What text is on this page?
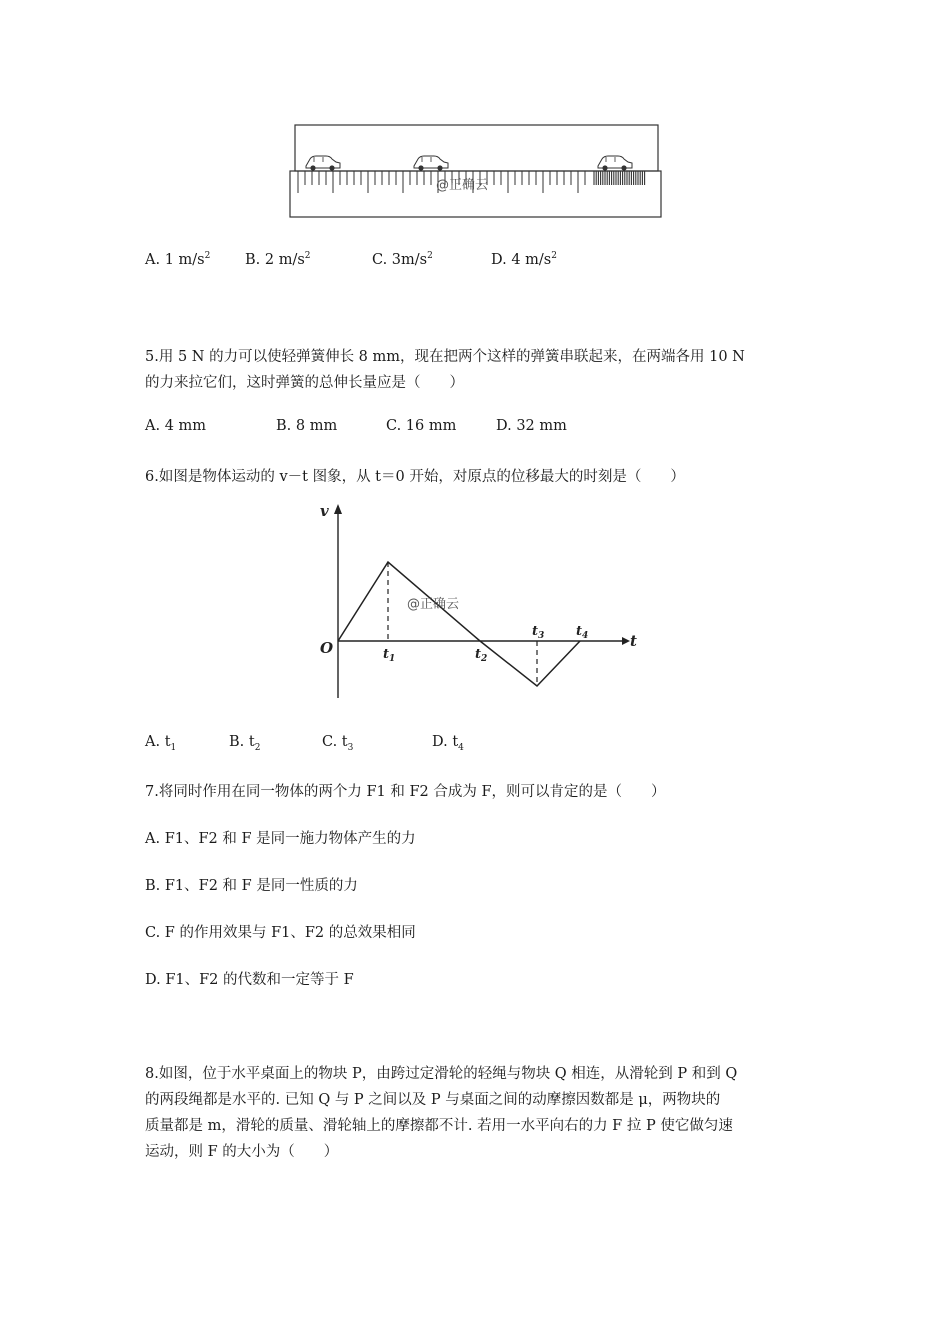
@正确云
A. 1 $m/s^2$ B. 2 $m/s^2$	C. $3m/s^2$	D. 4 $m/s^2$
5.用 5 N 的力可以使轻弹簧伸长 8 mm，现在把两个这样的弹簧串联起来，在两端各用 10 N
的力来拉它们，这时弹簧的总伸长量应是（　　）
A. 4 mm	B. 8 mm	C. 16 mm	D. 32 mm
6.如图是物体运动的 v－t 图象，从 t＝0 开始，对原点的位移最大的时刻是（　　）
v
t
O	$t_1$	$t_2$
$t_3$ $t_4$
@正确云
A. $t_1$	B. $t_2$	C. $t_3$	D. $t_4$
7.将同时作用在同一物体的两个力 F1 和 F2 合成为 F，则可以肯定的是（　　）
A. F1、F2 和 F 是同一施力物体产生的力
B. F1、F2 和 F 是同一性质的力
C. F 的作用效果与 F1、F2 的总效果相同
D. F1、F2 的代数和一定等于 F
8.如图，位于水平桌面上的物块 P，由跨过定滑轮的轻绳与物块 Q 相连，从滑轮到 P 和到 Q
的两段绳都是水平的. 已知 Q 与 P 之间以及 P 与桌面之间的动摩擦因数都是 μ，两物块的
质量都是 m，滑轮的质量、滑轮轴上的摩擦都不计. 若用一水平向右的力 F 拉 P 使它做匀速
运动，则 F 的大小为（　　）
